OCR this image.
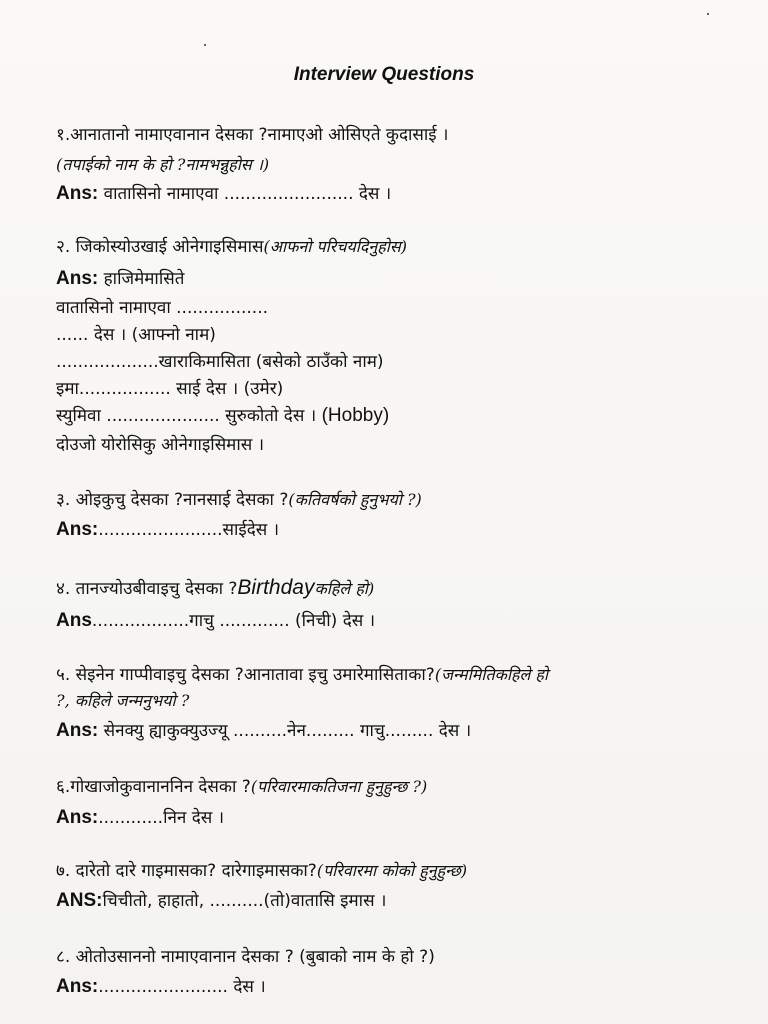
Interview Questions
१.आनातानो नामाएवानान देसका ?नामाएओ ओसिएते कुदासाई ।
(तपाईको नाम के हो ?नामभन्नुहोस ।)
Ans: वातासिनो नामाएवा ........................ देस ।
२. जिकोस्योउखाई ओनेगाइसिमास(आफनो परिचयदिनुहोस)
Ans: हाजिमेमासिते
वातासिनो नामाएवा .................
...... देस । (आफ्नो नाम)
...................खाराकिमासिता (बसेको ठाउँको नाम)
इमा................. साई देस । (उमेर)
स्युमिवा ..................... सुरुकोतो देस । (Hobby)
दोउजो योरोसिकु ओनेगाइसिमास ।
३. ओइकुचु देसका ?नानसाई देसका ?(कतिवर्षको हुनुभयो ?)
Ans:.......................साईदेस ।
४. तानज्योउबीवाइचु देसका ?Birthdayकहिले हो)
Ans..................गाचु ............. (निची) देस ।
५. सेइनेन गाप्पीवाइचु देसका ?आनातावा इचु उमारेमासिताका?(जन्ममितिकहिले हो
?, कहिले जन्मनुभयो ?
Ans: सेनक्यु ह्याकुक्युउज्यू ..........नेन......... गाचु......... देस ।
६.गोखाजोकुवानाननिन देसका ?(परिवारमाकतिजना हुनुहुन्छ ?)
Ans:............निन देस ।
७. दारेतो दारे गाइमासका? दारेगाइमासका?(परिवारमा कोको हुनुहुन्छ)
ANS:चिचीतो, हाहातो, ..........(तो)वातासि इमास ।
८. ओतोउसाननो नामाएवानान देसका ? (बुबाको नाम के हो ?)
Ans:........................ देस ।
